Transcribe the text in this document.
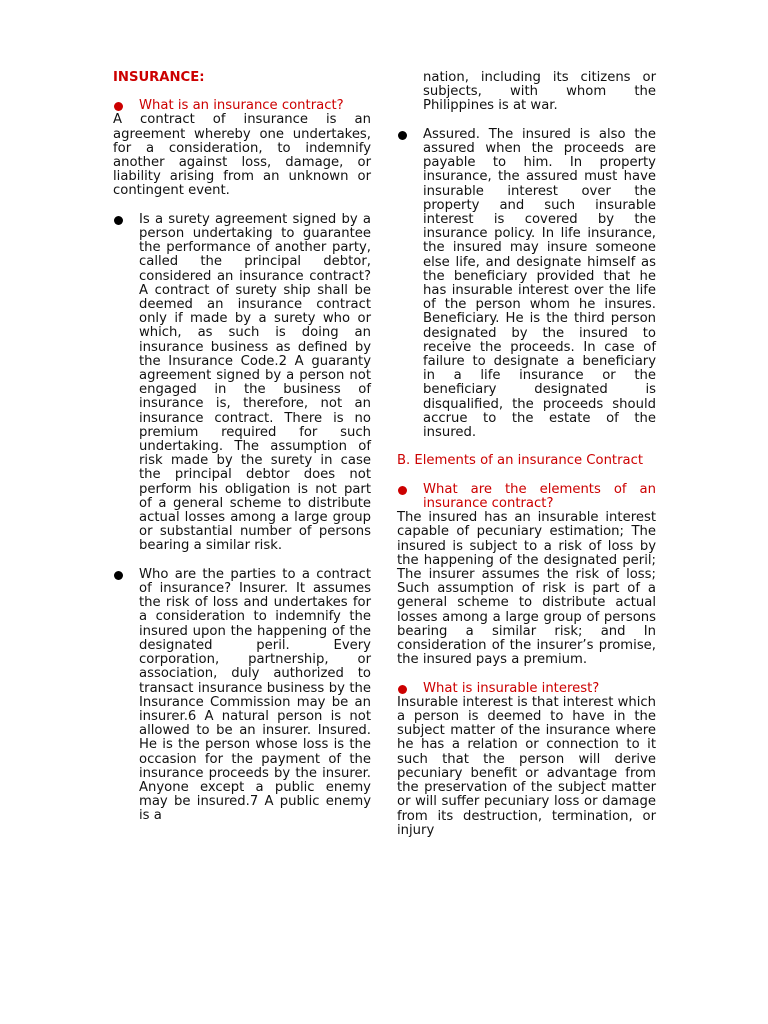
INSURANCE:

What is an insurance contract?

A contract of insurance is an agreement whereby one undertakes, for a consideration, to indemnify another against loss, damage, or liability arising from an unknown or contingent event.

Is a surety agreement signed by a person undertaking to guarantee the performance of another party, called the principal debtor, considered an insurance contract? A contract of surety ship shall be deemed an insurance contract only if made by a surety who or which, as such is doing an insurance business as defined by the Insurance Code.2 A guaranty agreement signed by a person not engaged in the business of insurance is, therefore, not an insurance contract. There is no premium required for such undertaking. The assumption of risk made by the surety in case the principal debtor does not perform his obligation is not part of a general scheme to distribute actual losses among a large group or substantial number of persons bearing a similar risk.
Who are the parties to a contract of insurance? Insurer. It assumes the risk of loss and undertakes for a consideration to indemnify the insured upon the happening of the designated peril. Every corporation, partnership, or association, duly authorized to transact insurance business by the Insurance Commission may be an insurer.6 A natural person is not allowed to be an insurer. Insured. He is the person whose loss is the occasion for the payment of the insurance proceeds by the insurer. Anyone except a public enemy may be insured.7 A public enemy is a

nation, including its citizens or subjects, with whom the Philippines is at war.

Assured. The insured is also the assured when the proceeds are payable to him. In property insurance, the assured must have insurable interest over the property and such insurable interest is covered by the insurance policy. In life insurance, the insured may insure someone else life, and designate himself as the beneficiary provided that he has insurable interest over the life of the person whom he insures. Beneficiary. He is the third person designated by the insured to receive the proceeds. In case of failure to designate a beneficiary in a life insurance or the beneficiary designated is disqualified, the proceeds should accrue to the estate of the insured.

B. Elements of an insurance Contract

What are the elements of an insurance contract?

The insured has an insurable interest capable of pecuniary estimation; The insured is subject to a risk of loss by the happening of the designated peril; The insurer assumes the risk of loss; Such assumption of risk is part of a general scheme to distribute actual losses among a large group of persons bearing a similar risk; and In consideration of the insurer’s promise, the insured pays a premium.

What is insurable interest?

Insurable interest is that interest which a person is deemed to have in the subject matter of the insurance where he has a relation or connection to it such that the person will derive pecuniary benefit or advantage from the preservation of the subject matter or will suffer pecuniary loss or damage from its destruction, termination, or injury
